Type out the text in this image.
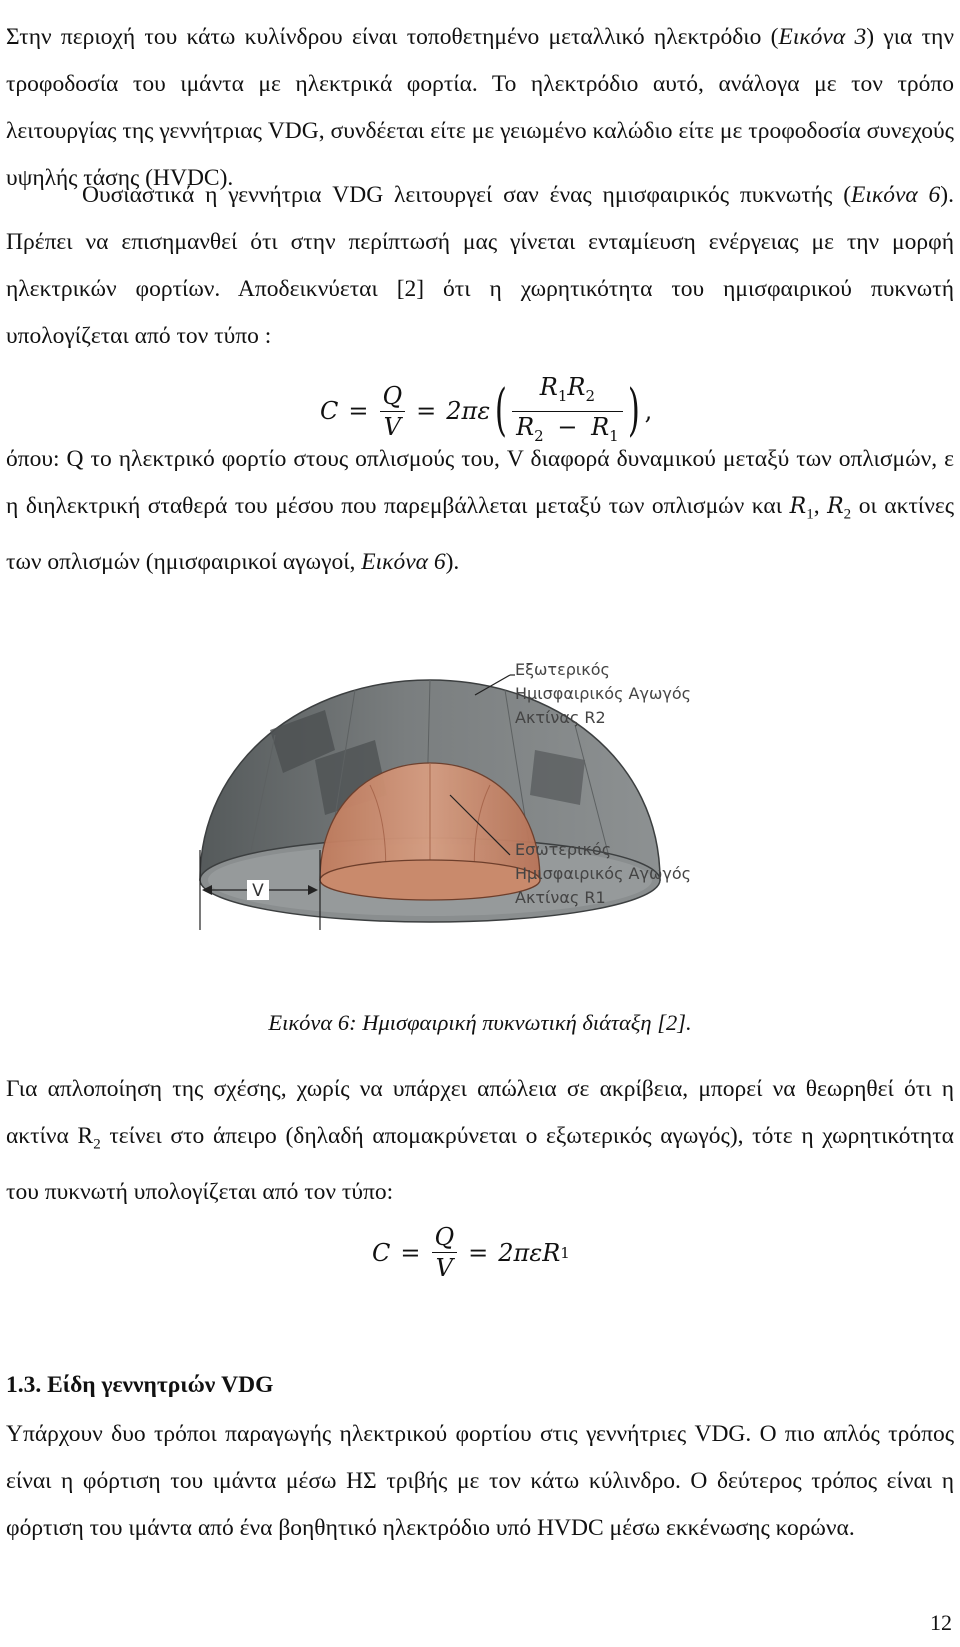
Στην περιοχή του κάτω κυλίνδρου είναι τοποθετημένο μεταλλικό ηλεκτρόδιο (Εικόνα 3) για την τροφοδοσία του ιμάντα με ηλεκτρικά φορτία. Το ηλεκτρόδιο αυτό, ανάλογα με τον τρόπο λειτουργίας της γεννήτριας VDG, συνδέεται είτε με γειωμένο καλώδιο είτε με τροφοδοσία συνεχούς υψηλής τάσης (HVDC).

Ουσιαστικά η γεννήτρια VDG λειτουργεί σαν ένας ημισφαιρικός πυκνωτής (Εικόνα 6). Πρέπει να επισημανθεί ότι στην περίπτωσή μας γίνεται ενταμίευση ενέργειας με την μορφή ηλεκτρικών φορτίων. Αποδεικνύεται [2] ότι η χωρητικότητα του ημισφαιρικού πυκνωτή υπολογίζεται από τον τύπο :

$C = \frac{Q}{V} = 2\pi\varepsilon$ ( $\frac{R_1R_2}{R_2 - R_1}$ ) ,

όπου: Q το ηλεκτρικό φορτίο στους οπλισμούς του, V διαφορά δυναμικού μεταξύ των οπλισμών, ε η διηλεκτρική σταθερά του μέσου που παρεμβάλλεται μεταξύ των οπλισμών και $R_1$, $R_2$ οι ακτίνες των οπλισμών (ημισφαιρικοί αγωγοί, Εικόνα 6).

V
Εξωτερικός
Ημισφαιρικός Αγωγός
Ακτίνας R2
Εσωτερικός
Ημισφαιρικός Αγωγός
Ακτίνας R1
Εικόνα 6: Ημισφαιρική πυκνωτική διάταξη [2].

Για απλοποίηση της σχέσης, χωρίς να υπάρχει απώλεια σε ακρίβεια, μπορεί να θεωρηθεί ότι η ακτίνα $R_2$ τείνει στο άπειρο (δηλαδή απομακρύνεται ο εξωτερικός αγωγός), τότε η χωρητικότητα του πυκνωτή υπολογίζεται από τον τύπο:

$C = \frac{Q}{V} = 2\pi\varepsilon R$ 1
1.3. Είδη γεννητριών VDG

Υπάρχουν δυο τρόποι παραγωγής ηλεκτρικού φορτίου στις γεννήτριες VDG. Ο πιο απλός τρόπος είναι η φόρτιση του ιμάντα μέσω ΗΣ τριβής με τον κάτω κύλινδρο. Ο δεύτερος τρόπος είναι η φόρτιση του ιμάντα από ένα βοηθητικό ηλεκτρόδιο υπό HVDC μέσω εκκένωσης κορώνα.

12
